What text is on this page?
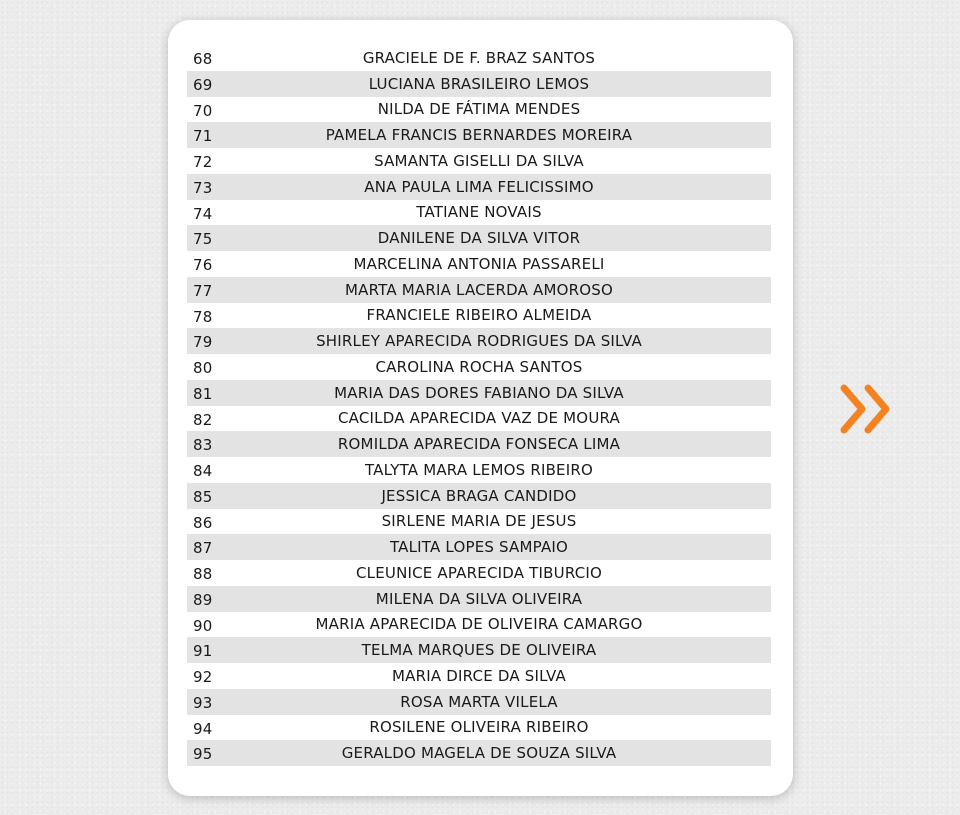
68	GRACIELE DE F. BRAZ SANTOS
69	LUCIANA BRASILEIRO LEMOS
70	NILDA DE FÁTIMA MENDES
71	PAMELA FRANCIS BERNARDES MOREIRA
72	SAMANTA GISELLI DA SILVA
73	ANA PAULA LIMA FELICISSIMO
74	TATIANE NOVAIS
75	DANILENE DA SILVA VITOR
76	MARCELINA ANTONIA PASSARELI
77	MARTA MARIA LACERDA AMOROSO
78	FRANCIELE RIBEIRO ALMEIDA
79	SHIRLEY APARECIDA RODRIGUES DA SILVA
80	CAROLINA ROCHA SANTOS
81	MARIA DAS DORES FABIANO DA SILVA
82	CACILDA APARECIDA VAZ DE MOURA
83	ROMILDA APARECIDA FONSECA LIMA
84	TALYTA MARA LEMOS RIBEIRO
85	JESSICA BRAGA CANDIDO
86	SIRLENE MARIA DE JESUS
87	TALITA LOPES SAMPAIO
88	CLEUNICE APARECIDA TIBURCIO
89	MILENA DA SILVA OLIVEIRA
90	MARIA APARECIDA DE OLIVEIRA CAMARGO
91	TELMA MARQUES DE OLIVEIRA
92	MARIA DIRCE DA SILVA
93	ROSA MARTA VILELA
94	ROSILENE OLIVEIRA RIBEIRO
95	GERALDO MAGELA DE SOUZA SILVA
